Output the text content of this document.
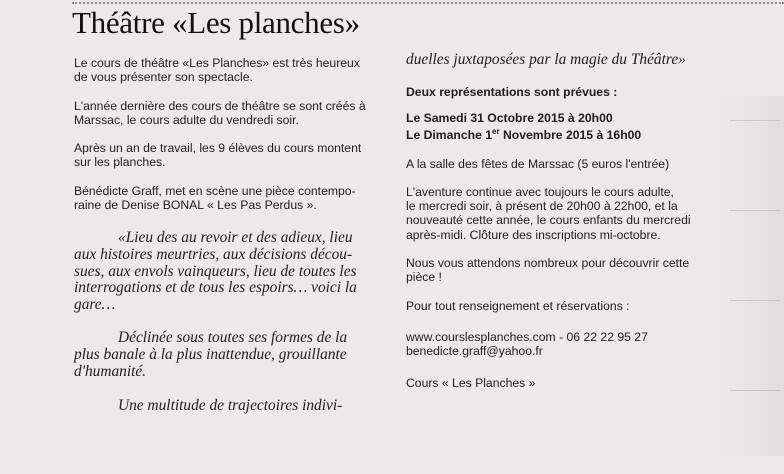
Théâtre «Les planches»

Le cours de théâtre «Les Planches» est très heureux
de vous présenter son spectacle.

L'année dernière des cours de théâtre se sont créés à
Marssac, le cours adulte du vendredi soir.

Après un an de travail, les 9 élèves du cours montent
sur les planches.

Bénédicte Graff, met en scène une pièce contempo-
raine de Denise BONAL « Les Pas Perdus ».

«Lieu des au revoir et des adieux, lieu
aux histoires meurtries, aux décisions décou-
sues, aux envols vainqueurs, lieu de toutes les
interrogations et de tous les espoirs… voici la
gare…

Déclinée sous toutes ses formes de la
plus banale à la plus inattendue, grouillante
d'humanité.

Une multitude de trajectoires indivi-

duelles juxtaposées par la magie du Théâtre»

Deux représentations sont prévues :

Le Samedi 31 Octobre 2015 à 20h00

Le Dimanche 1er Novembre 2015 à 16h00

A la salle des fêtes de Marssac (5 euros l'entrée)

L'aventure continue avec toujours le cours adulte,
le mercredi soir, à présent de 20h00 à 22h00, et la
nouveauté cette année, le cours enfants du mercredi
après-midi. Clôture des inscriptions mi-octobre.

Nous vous attendons nombreux pour découvrir cette
pièce !

Pour tout renseignement et réservations :

www.courslesplanches.com - 06 22 22 95 27
benedicte.graff@yahoo.fr

Cours « Les Planches »
